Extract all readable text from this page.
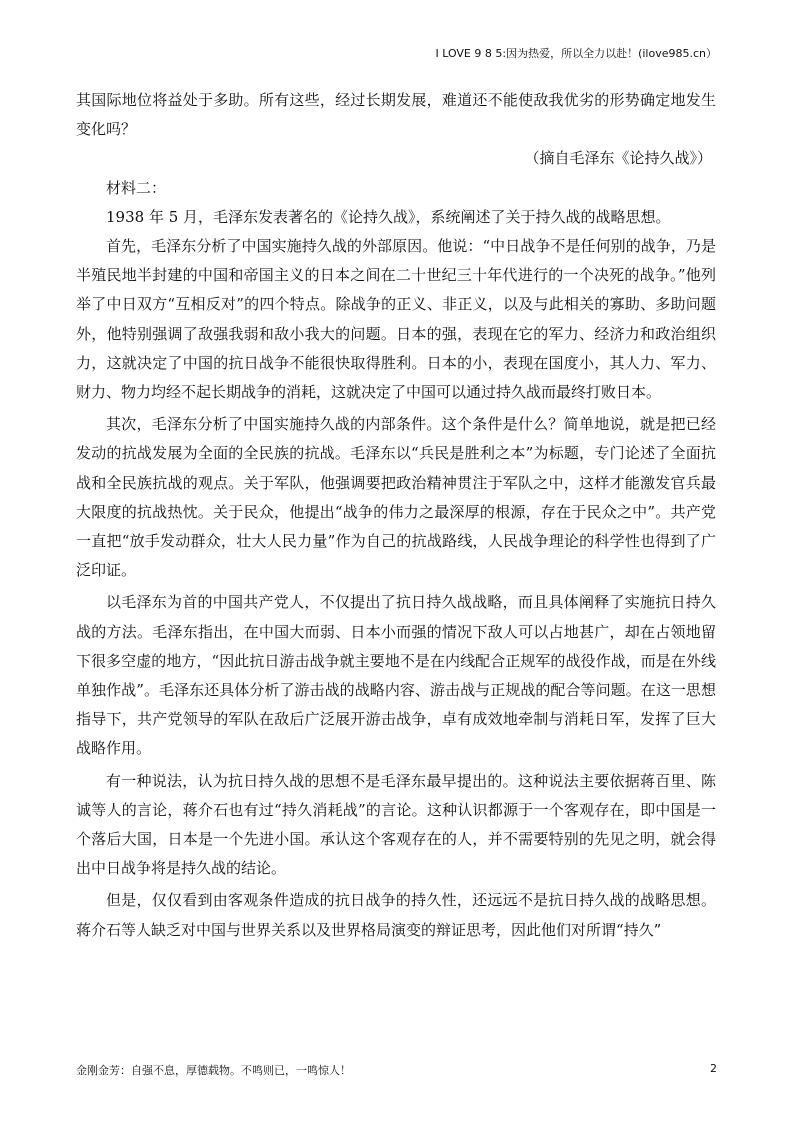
I LOVE 9 8 5:因为热爱，所以全力以赴！(ilove985.cn）

其国际地位将益处于多助。所有这些，经过长期发展，难道还不能使敌我优劣的形势确定地发生变化吗？

（摘自毛泽东《论持久战》）

材料二：

1938 年 5 月，毛泽东发表著名的《论持久战》，系统阐述了关于持久战的战略思想。

首先，毛泽东分析了中国实施持久战的外部原因。他说：“中日战争不是任何别的战争，乃是半殖民地半封建的中国和帝国主义的日本之间在二十世纪三十年代进行的一个决死的战争。”他列举了中日双方“互相反对”的四个特点。除战争的正义、非正义，以及与此相关的寡助、多助问题外，他特别强调了敌强我弱和敌小我大的问题。日本的强，表现在它的军力、经济力和政治组织力，这就决定了中国的抗日战争不能很快取得胜利。日本的小，表现在国度小，其人力、军力、财力、物力均经不起长期战争的消耗，这就决定了中国可以通过持久战而最终打败日本。

其次，毛泽东分析了中国实施持久战的内部条件。这个条件是什么？简单地说，就是把已经发动的抗战发展为全面的全民族的抗战。毛泽东以“兵民是胜利之本”为标题，专门论述了全面抗战和全民族抗战的观点。关于军队，他强调要把政治精神贯注于军队之中，这样才能激发官兵最大限度的抗战热忱。关于民众，他提出“战争的伟力之最深厚的根源，存在于民众之中”。共产党一直把“放手发动群众，壮大人民力量”作为自己的抗战路线，人民战争理论的科学性也得到了广泛印证。

以毛泽东为首的中国共产党人，不仅提出了抗日持久战战略，而且具体阐释了实施抗日持久战的方法。毛泽东指出，在中国大而弱、日本小而强的情况下敌人可以占地甚广，却在占领地留下很多空虚的地方，“因此抗日游击战争就主要地不是在内线配合正规军的战役作战，而是在外线单独作战”。毛泽东还具体分析了游击战的战略内容、游击战与正规战的配合等问题。在这一思想指导下，共产党领导的军队在敌后广泛展开游击战争，卓有成效地牵制与消耗日军，发挥了巨大战略作用。

有一种说法，认为抗日持久战的思想不是毛泽东最早提出的。这种说法主要依据蒋百里、陈诚等人的言论，蒋介石也有过“持久消耗战”的言论。这种认识都源于一个客观存在，即中国是一个落后大国，日本是一个先进小国。承认这个客观存在的人，并不需要特别的先见之明，就会得出中日战争将是持久战的结论。

但是，仅仅看到由客观条件造成的抗日战争的持久性，还远远不是抗日持久战的战略思想。蒋介石等人缺乏对中国与世界关系以及世界格局演变的辩证思考，因此他们对所谓“持久”

金刚金芳：自强不息，厚德载物。不鸣则已，一鸣惊人！	2
